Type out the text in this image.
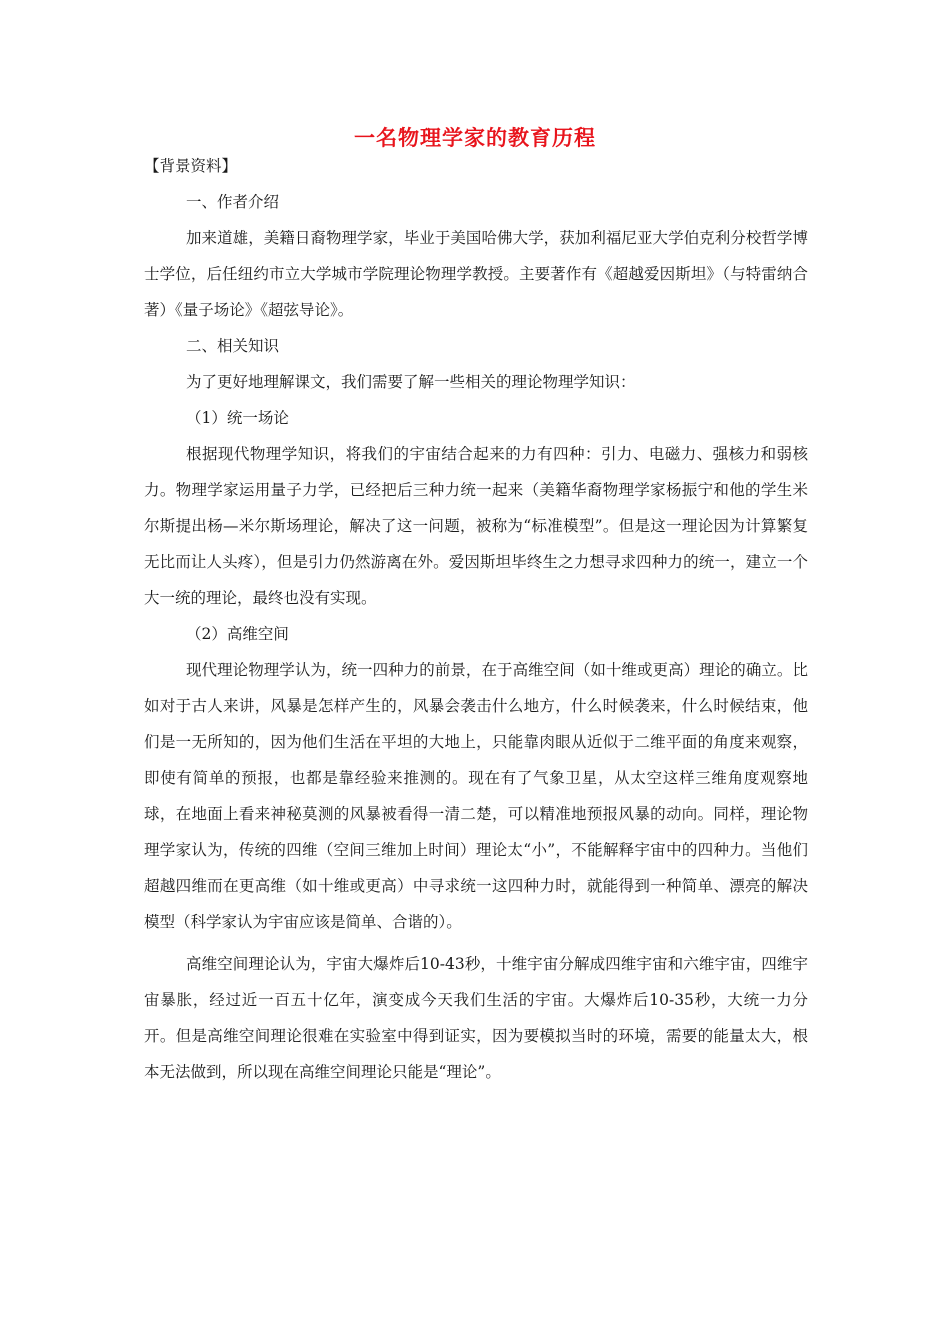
一名物理学家的教育历程

【背景资料】

一、作者介绍

加来道雄，美籍日裔物理学家，毕业于美国哈佛大学，获加利福尼亚大学伯克利分校哲学博士学位，后任纽约市立大学城市学院理论物理学教授。主要著作有《超越爱因斯坦》（与特雷纳合著）《量子场论》《超弦导论》。

二、相关知识

为了更好地理解课文，我们需要了解一些相关的理论物理学知识：

（1）统一场论

根据现代物理学知识，将我们的宇宙结合起来的力有四种：引力、电磁力、强核力和弱核力。物理学家运用量子力学，已经把后三种力统一起来（美籍华裔物理学家杨振宁和他的学生米尔斯提出杨—米尔斯场理论，解决了这一问题，被称为“标准模型”。但是这一理论因为计算繁复无比而让人头疼），但是引力仍然游离在外。爱因斯坦毕终生之力想寻求四种力的统一，建立一个大一统的理论，最终也没有实现。

（2）高维空间

现代理论物理学认为，统一四种力的前景，在于高维空间（如十维或更高）理论的确立。比如对于古人来讲，风暴是怎样产生的，风暴会袭击什么地方，什么时候袭来，什么时候结束，他们是一无所知的，因为他们生活在平坦的大地上，只能靠肉眼从近似于二维平面的角度来观察，即使有简单的预报，也都是靠经验来推测的。现在有了气象卫星，从太空这样三维角度观察地球，在地面上看来神秘莫测的风暴被看得一清二楚，可以精准地预报风暴的动向。同样，理论物理学家认为，传统的四维（空间三维加上时间）理论太“小”，不能解释宇宙中的四种力。当他们超越四维而在更高维（如十维或更高）中寻求统一这四种力时，就能得到一种简单、漂亮的解决模型（科学家认为宇宙应该是简单、合谐的）。

高维空间理论认为，宇宙大爆炸后10-43秒，十维宇宙分解成四维宇宙和六维宇宙，四维宇宙暴胀，经过近一百五十亿年，演变成今天我们生活的宇宙。大爆炸后10-35秒，大统一力分开。但是高维空间理论很难在实验室中得到证实，因为要模拟当时的环境，需要的能量太大，根本无法做到，所以现在高维空间理论只能是“理论”。
